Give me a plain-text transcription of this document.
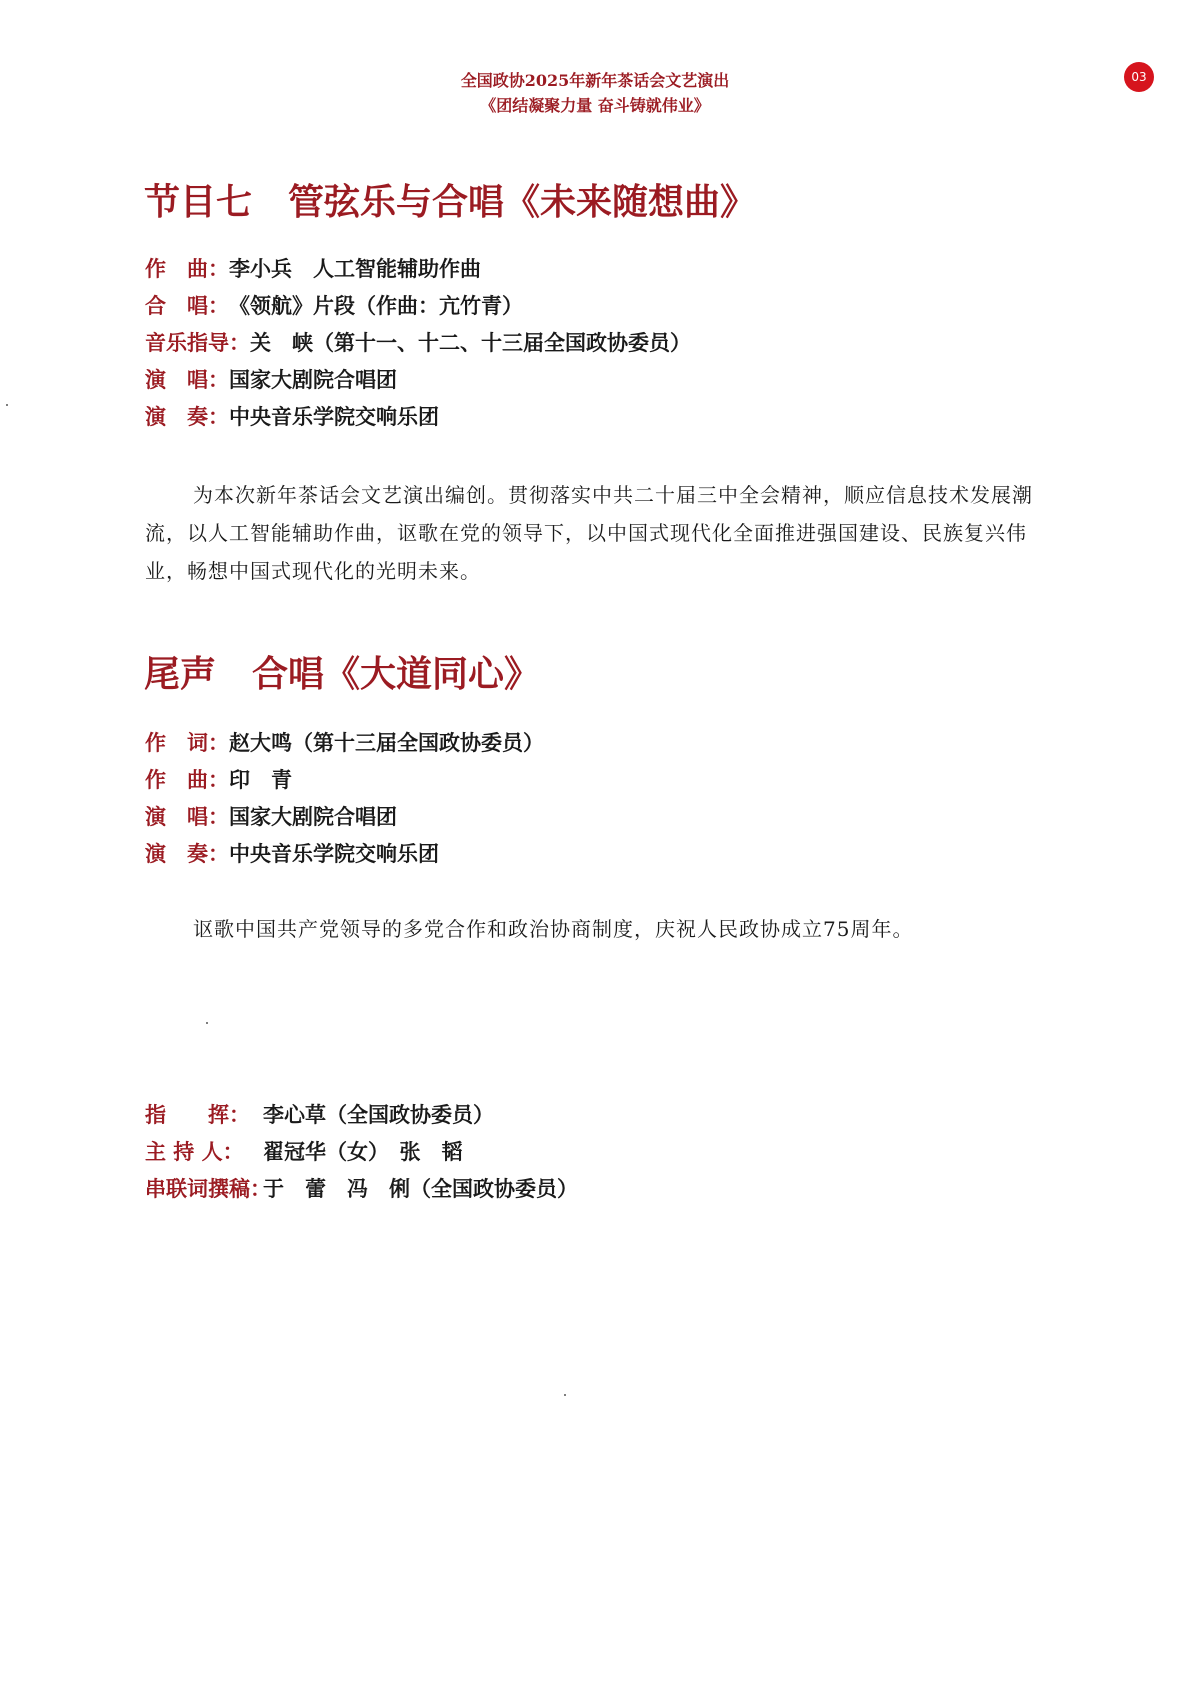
全国政协2025年新年茶话会文艺演出
《团结凝聚力量 奋斗铸就伟业》
03
节目七　管弦乐与合唱《未来随想曲》
作　曲：李小兵　人工智能辅助作曲
合　唱：《领航》片段（作曲：亢竹青）
音乐指导：关　峡（第十一、十二、十三届全国政协委员）
演　唱：国家大剧院合唱团
演　奏：中央音乐学院交响乐团

为本次新年茶话会文艺演出编创。贯彻落实中共二十届三中全会精神，顺应信息技术发展潮流，以人工智能辅助作曲，讴歌在党的领导下，以中国式现代化全面推进强国建设、民族复兴伟业，畅想中国式现代化的光明未来。

尾声　合唱《大道同心》
作　词：赵大鸣（第十三届全国政协委员）
作　曲：印　青
演　唱：国家大剧院合唱团
演　奏：中央音乐学院交响乐团

讴歌中国共产党领导的多党合作和政治协商制度，庆祝人民政协成立75周年。

指　　挥： 李心草（全国政协委员）
主 持 人： 翟冠华（女）　张　韬
串联词撰稿：于　蕾　冯　俐（全国政协委员）
